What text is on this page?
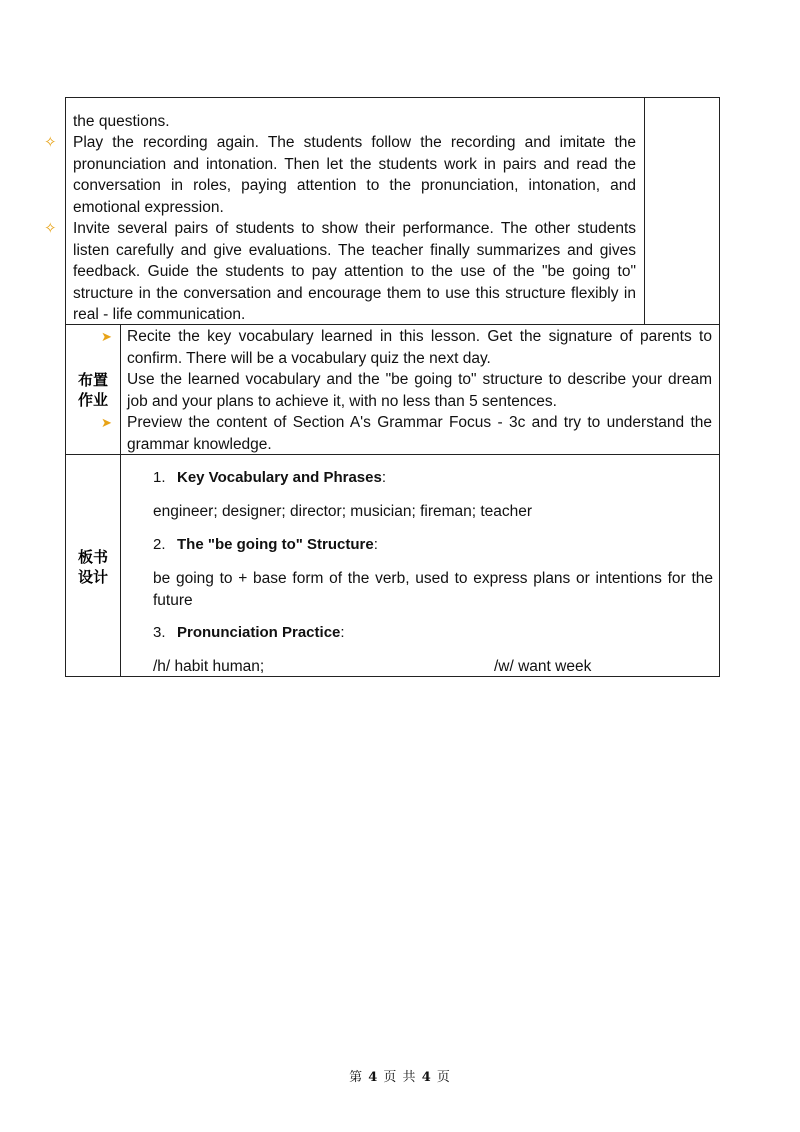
the questions.
✧ Play the recording again. The students follow the recording and imitate the pronunciation and intonation. Then let the students work in pairs and read the conversation in roles, paying attention to the pronunciation, intonation, and emotional expression.
✧ Invite several pairs of students to show their performance. The other students listen carefully and give evaluations. The teacher finally summarizes and gives feedback. Guide the students to pay attention to the use of the "be going to" structure in the conversation and encourage them to use this structure flexibly in real - life communication.
布置
作业
➤ Recite the key vocabulary learned in this lesson. Get the signature of parents to confirm. There will be a vocabulary quiz the next day.
Use the learned vocabulary and the "be going to" structure to describe your dream job and your plans to achieve it, with no less than 5 sentences.
➤ Preview the content of Section A's Grammar Focus - 3c and try to understand the grammar knowledge.
板书
设计
1. Key Vocabulary and Phrases:
engineer; designer; director; musician; fireman; teacher
2. The "be going to" Structure:
be going to + base form of the verb, used to express plans or intentions for the future
3. Pronunciation Practice:
/h/ habit human;	/w/ want week
第 4 页 共 4 页
